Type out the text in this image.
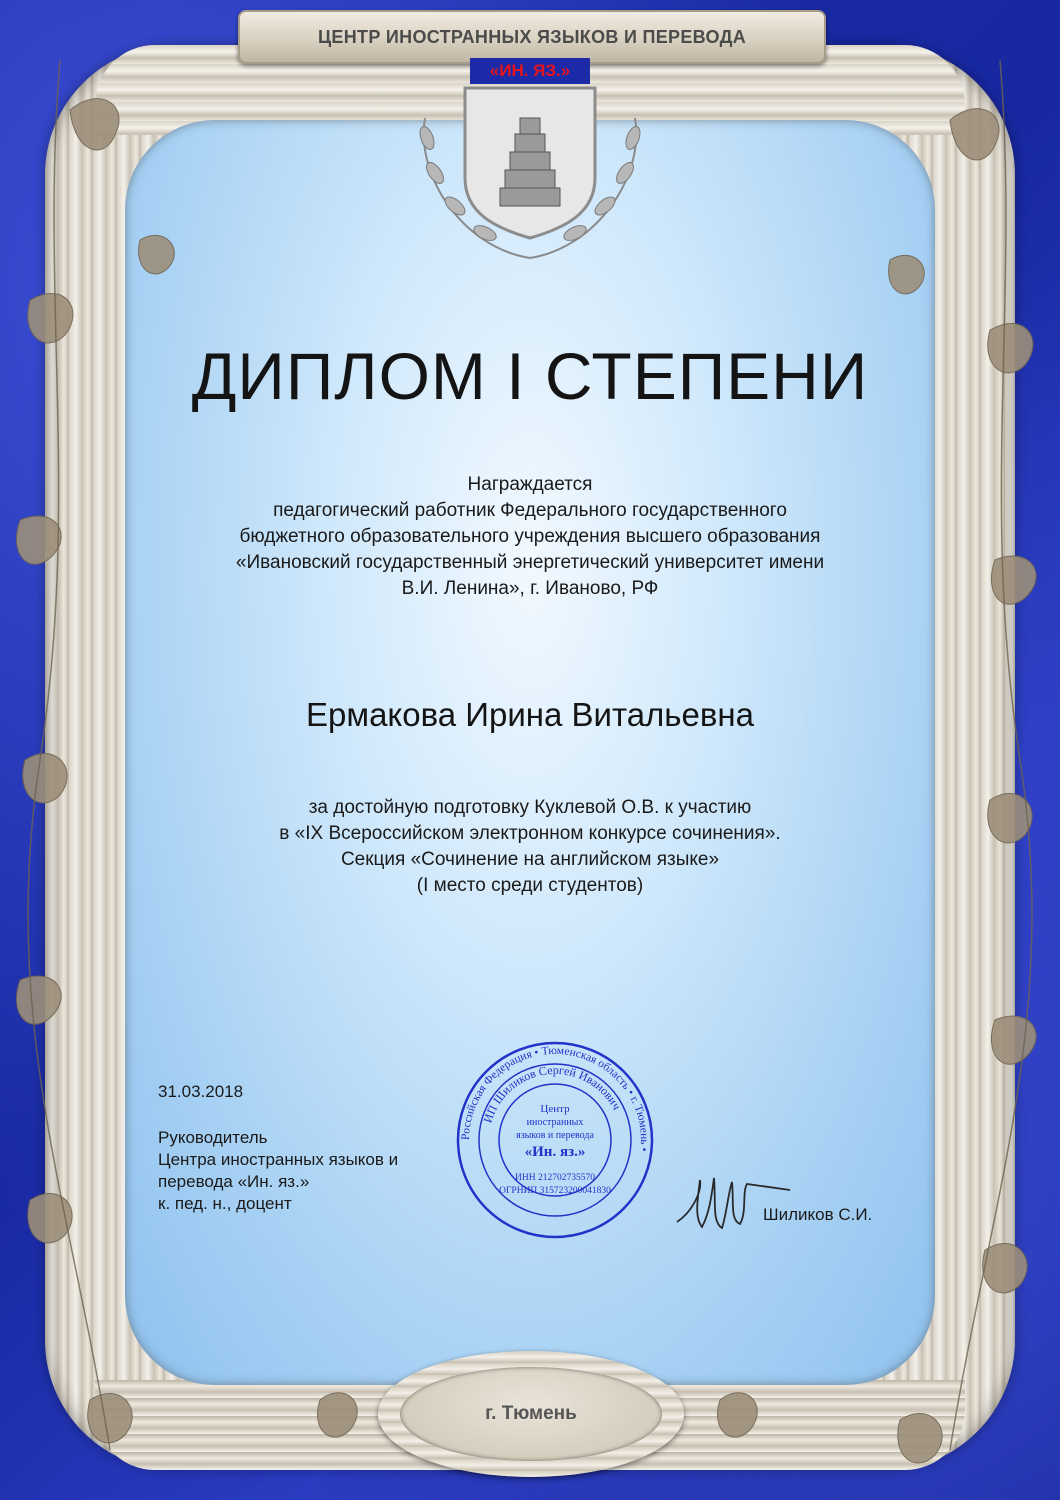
ЦЕНТР ИНОСТРАННЫХ ЯЗЫКОВ И ПЕРЕВОДА
«ИН. ЯЗ.»
ДИПЛОМ I СТЕПЕНИ
Награждается
педагогический работник Федерального государственного
бюджетного образовательного учреждения высшего образования
«Ивановский государственный энергетический университет имени
В.И. Ленина», г. Иваново, РФ
Ермакова Ирина Витальевна
за достойную подготовку Куклевой О.В. к участию
в «IX Всероссийском электронном конкурсе сочинения».
Секция «Сочинение на английском языке»
(I место среди студентов)
31.03.2018
Руководитель
Центра иностранных языков и
перевода «Ин. яз.»
к. пед. н., доцент
Российская Федерация • Тюменская область • г. Тюмень •
ИП Шиликов Сергей Иванович
Центр
иностранных
языков и перевода
«Ин. яз.»
ИНН 212702735570
ОГРНИП 315723200041830
Шиликов С.И.
г. Тюмень
